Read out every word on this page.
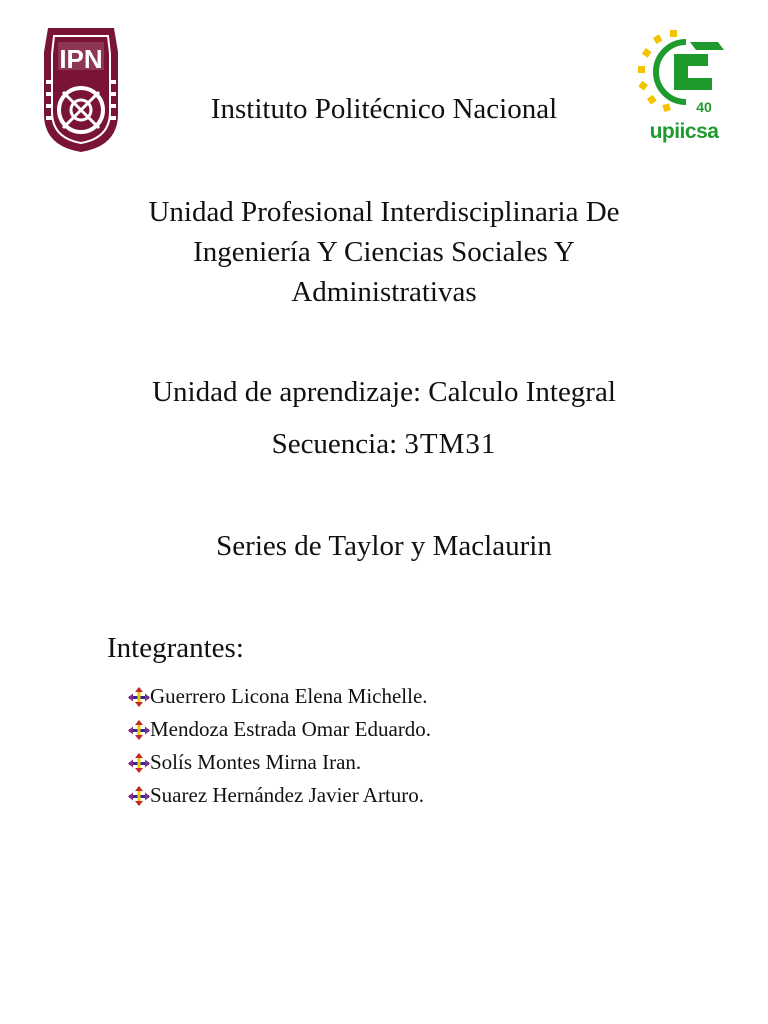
IPN
40
upiicsa
Instituto Politécnico Nacional
Unidad Profesional Interdisciplinaria De
Ingeniería Y Ciencias Sociales Y
Administrativas
Unidad de aprendizaje: Calculo Integral
Secuencia: 3TM31
Series de Taylor y Maclaurin
Integrantes:
Guerrero Licona Elena Michelle.
Mendoza Estrada Omar Eduardo.
Solís Montes Mirna Iran.
Suarez Hernández Javier Arturo.
